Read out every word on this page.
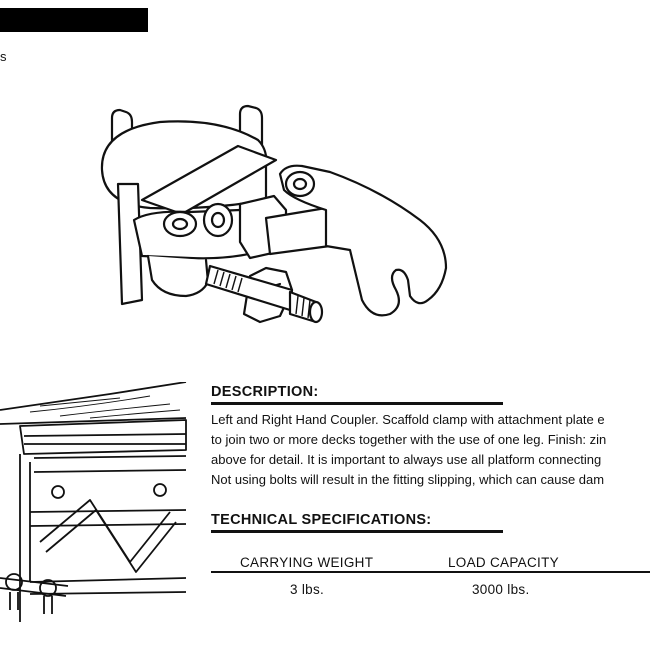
s
DESCRIPTION:
Left and Right Hand Coupler. Scaffold clamp with attachment plate e
to join two or more decks together with the use of one leg. Finish: zin
above for detail. It is important to always use all platform connecting
Not using bolts will result in the fitting slipping, which can cause dam
TECHNICAL SPECIFICATIONS:
CARRYING WEIGHT	LOAD CAPACITY
3 lbs.	3000 lbs.
